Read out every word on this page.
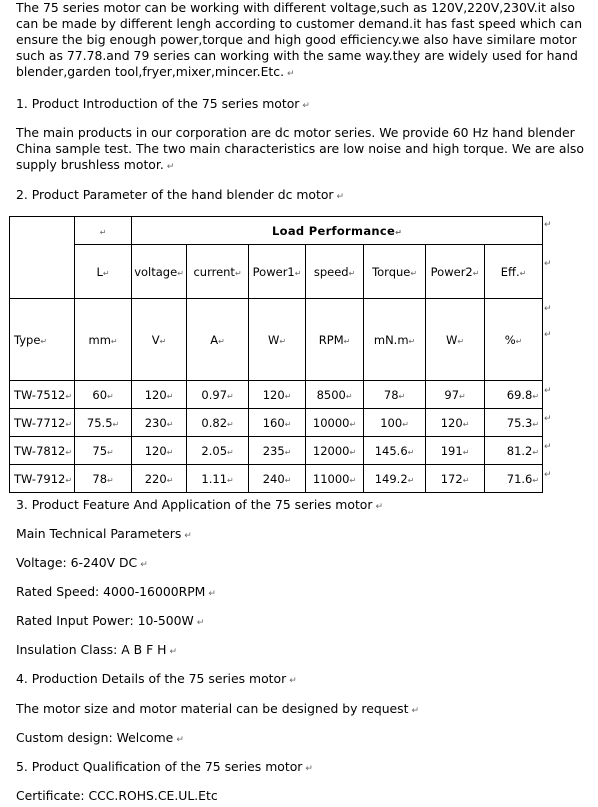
The 75 series motor can be working with different voltage,such as 120V,220V,230V.it also can be made by different lengh according to customer demand.it has fast speed which can ensure the big enough power,torque and high good efficiency.we also have similare motor such as 77.78.and 79 series can working with the same way.they are widely used for hand blender,garden tool,fryer,mixer,mincer.Etc. ↵

1. Product Introduction of the 75 series motor ↵

The main products in our corporation are dc motor series. We provide 60 Hz hand blender China sample test. The two main characteristics are low noise and high torque. We are also supply brushless motor. ↵

2. Product Parameter of the hand blender dc motor ↵

	↵	Load Performance↵						
	L↵	voltage↵	current↵	Power1↵	speed↵	Torque↵	Power2↵	Eff.↵
Type↵	mm↵	V↵	A↵	W↵	RPM↵	mN.m↵	W↵	%↵
TW-7512↵	60↵	120↵	0.97↵	120↵	8500↵	78↵	97↵	69.8↵
TW-7712↵	75.5↵	230↵	0.82↵	160↵	10000↵	100↵	120↵	75.3↵
TW-7812↵	75↵	120↵	2.05↵	235↵	12000↵	145.6↵	191↵	81.2↵
TW-7912↵	78↵	220↵	1.11↵	240↵	11000↵	149.2↵	172↵	71.6↵
↵
↵
↵
↵
↵
↵
↵
↵
3. Product Feature And Application of the 75 series motor ↵
Main Technical Parameters ↵
Voltage: 6-240V DC ↵
Rated Speed: 4000-16000RPM ↵
Rated Input Power: 10-500W ↵
Insulation Class: A B F H ↵
4. Production Details of the 75 series motor ↵
The motor size and motor material can be designed by request ↵
Custom design: Welcome ↵
5. Product Qualification of the 75 series motor ↵
Certificate: CCC.ROHS.CE.UL.Etc
